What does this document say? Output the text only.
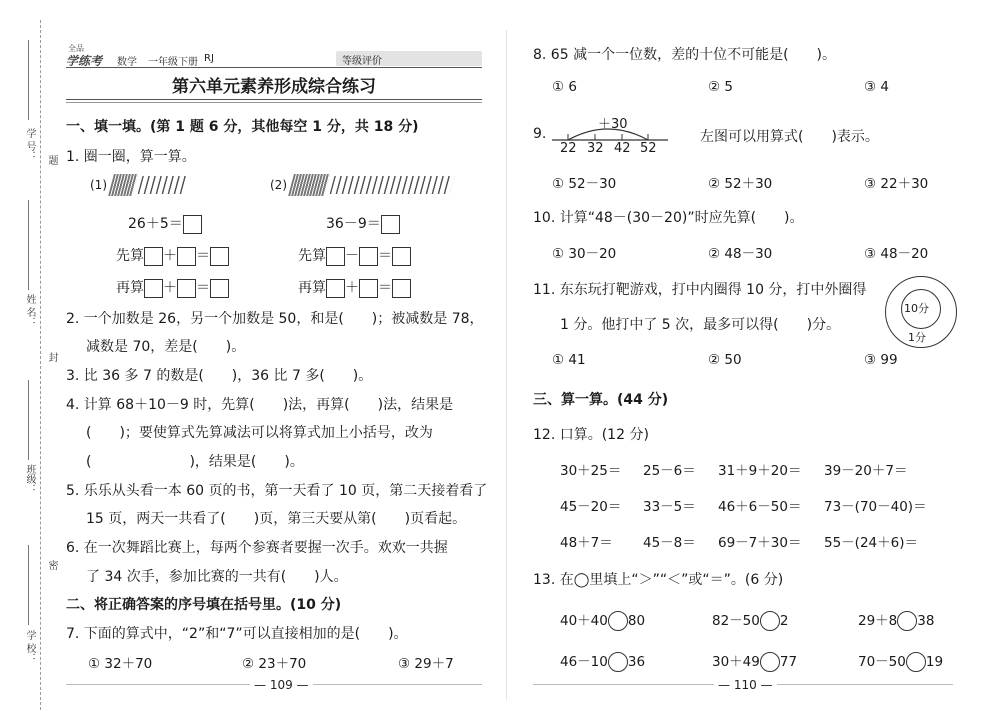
学 号： 题
姓 名：
封
班级：
密
学 校：
全品
学练考 数学 一年级下册 RJ	等级评价
第六单元素养形成综合练习
一、填一填。(第 1 题 6 分，其他每空 1 分，共 18 分)
1. 圈一圈，算一算。
(1)	(2)
26＋5＝	36－9＝
先算 ＋ ＝	先算 － ＝
再算 ＋ ＝	再算 ＋ ＝
2. 一个加数是 26，另一个加数是 50，和是(　　)；被减数是 78，
减数是 70，差是(　　)。
3. 比 36 多 7 的数是(　　)，36 比 7 多(　　)。
4. 计算 68＋10－9 时，先算(　　)法，再算(　　)法，结果是
(　　)；要使算式先算减法可以将算式加上小括号，改为
(　　　　　　　)，结果是(　　)。
5. 乐乐从头看一本 60 页的书，第一天看了 10 页，第二天接着看了
15 页，两天一共看了(　　)页，第三天要从第(　　)页看起。
6. 在一次舞蹈比赛上，每两个参赛者要握一次手。欢欢一共握
了 34 次手，参加比赛的一共有(　　)人。
二、将正确答案的序号填在括号里。(10 分)
7. 下面的算式中，“2”和“7”可以直接相加的是(　　)。
① 32＋70	② 23＋70	③ 29＋7
— 109 —
8. 65 减一个一位数，差的十位不可能是(　　)。
① 6	② 5	③ 4
9.
＋30
22 32 42 52
左图可以用算式(　　)表示。
① 52－30	② 52＋30	③ 22＋30
10. 计算“48－(30－20)”时应先算(　　)。
① 30－20	② 48－30	③ 48－20
11. 东东玩打靶游戏，打中内圈得 10 分，打中外圈得
1 分。他打中了 5 次，最多可以得(　　)分。
10分
1分
① 41	② 50	③ 99
三、算一算。(44 分)
12. 口算。(12 分)
30＋25＝ 25－6＝ 31＋9＋20＝ 39－20＋7＝
45－20＝ 33－5＝ 46＋6－50＝ 73－(70－40)＝
48＋7＝ 45－8＝ 69－7＋30＝ 55－(24＋6)＝
13. 在◯里填上“＞”“＜”或“＝”。(6 分)
40＋40 80	82－50 2	29＋8 38
46－10 36	30＋49 77	70－50 19
— 110 —
